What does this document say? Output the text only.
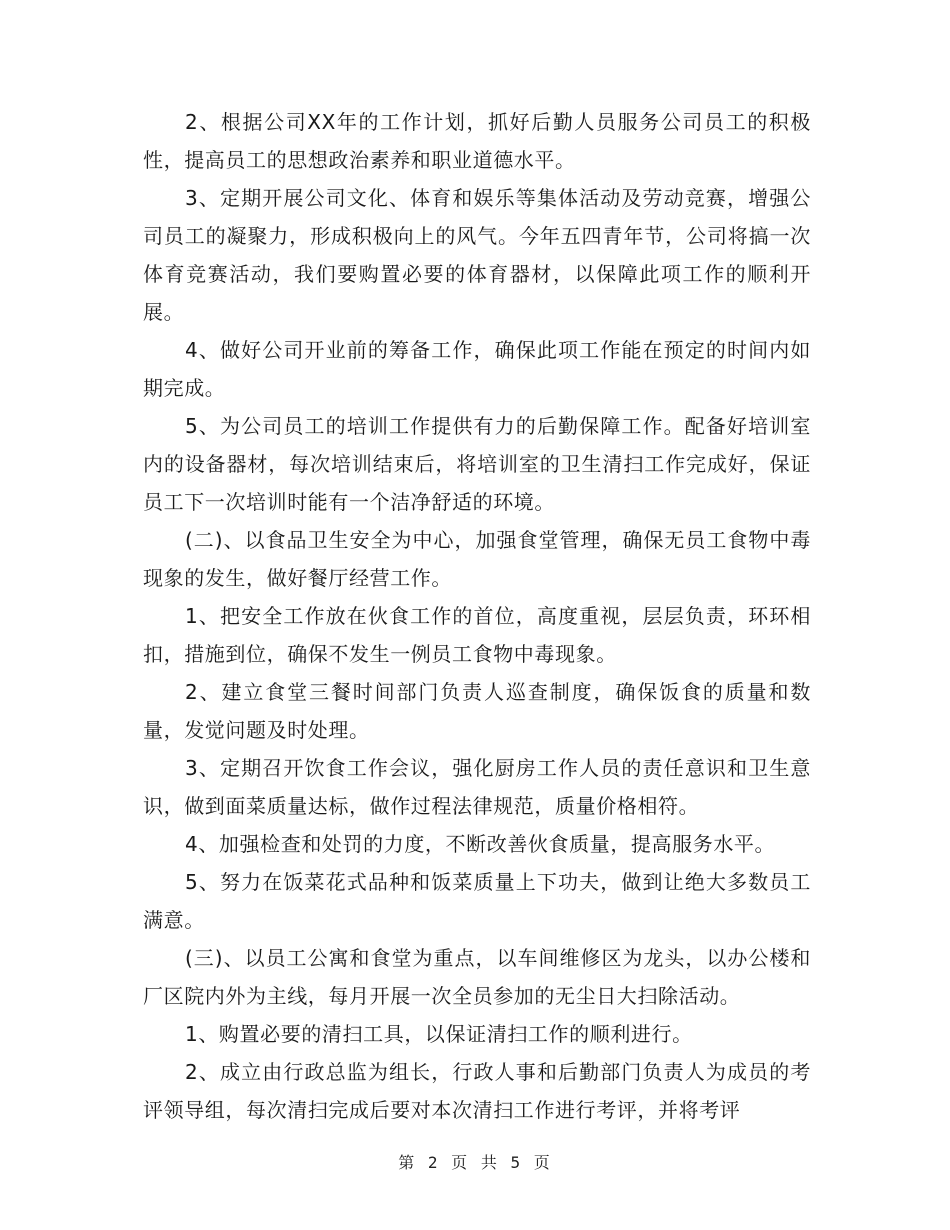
2、根据公司XX年的工作计划，抓好后勤人员服务公司员工的积极性，提高员工的思想政治素养和职业道德水平。

3、定期开展公司文化、体育和娱乐等集体活动及劳动竞赛，增强公司员工的凝聚力，形成积极向上的风气。今年五四青年节，公司将搞一次体育竞赛活动，我们要购置必要的体育器材，以保障此项工作的顺利开展。

4、做好公司开业前的筹备工作，确保此项工作能在预定的时间内如期完成。

5、为公司员工的培训工作提供有力的后勤保障工作。配备好培训室内的设备器材，每次培训结束后，将培训室的卫生清扫工作完成好，保证员工下一次培训时能有一个洁净舒适的环境。

(二)、以食品卫生安全为中心，加强食堂管理，确保无员工食物中毒现象的发生，做好餐厅经营工作。

1、把安全工作放在伙食工作的首位，高度重视，层层负责，环环相扣，措施到位，确保不发生一例员工食物中毒现象。

2、建立食堂三餐时间部门负责人巡查制度，确保饭食的质量和数量，发觉问题及时处理。

3、定期召开饮食工作会议，强化厨房工作人员的责任意识和卫生意识，做到面菜质量达标，做作过程法律规范，质量价格相符。

4、加强检查和处罚的力度，不断改善伙食质量，提高服务水平。

5、努力在饭菜花式品种和饭菜质量上下功夫，做到让绝大多数员工满意。

(三)、以员工公寓和食堂为重点，以车间维修区为龙头，以办公楼和厂区院内外为主线，每月开展一次全员参加的无尘日大扫除活动。

1、购置必要的清扫工具，以保证清扫工作的顺利进行。

2、成立由行政总监为组长，行政人事和后勤部门负责人为成员的考评领导组，每次清扫完成后要对本次清扫工作进行考评，并将考评

第 2 页 共 5 页
